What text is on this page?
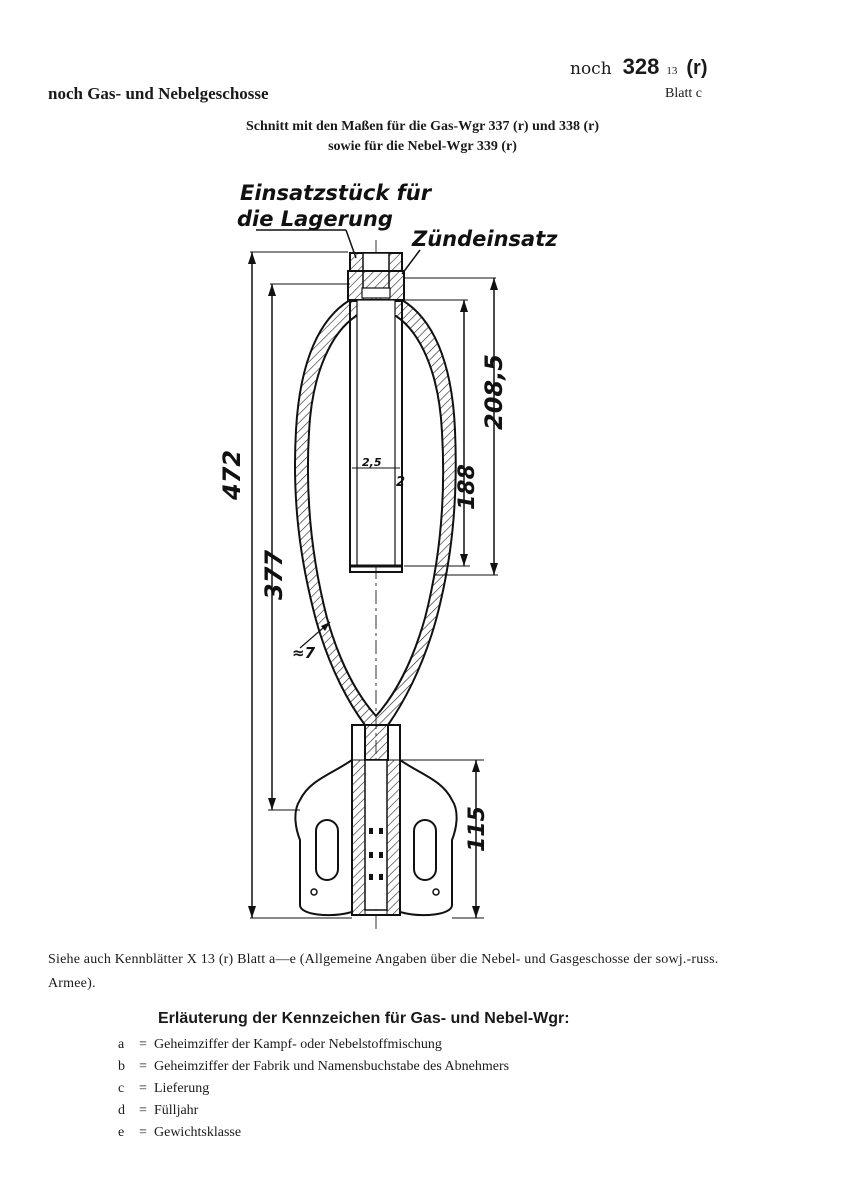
noch 328 13 (r)
Blatt c
noch Gas- und Nebelgeschosse
Schnitt mit den Maßen für die Gas-Wgr 337 (r) und 338 (r)
sowie für die Nebel-Wgr 339 (r)
2,5
2
472
377
208,5
188
115
≈7
Einsatzstück für
die Lagerung
Zündeinsatz
Siehe auch Kennblätter X 13 (r) Blatt a—e (Allgemeine Angaben über die Nebel- und Gasgeschosse der sowj.-russ. Armee).
Erläuterung der Kennzeichen für Gas- und Nebel-Wgr:
a = Geheimziffer der Kampf- oder Nebelstoffmischung
b = Geheimziffer der Fabrik und Namensbuchstabe des Abnehmers
c = Lieferung
d = Fülljahr
e = Gewichtsklasse
